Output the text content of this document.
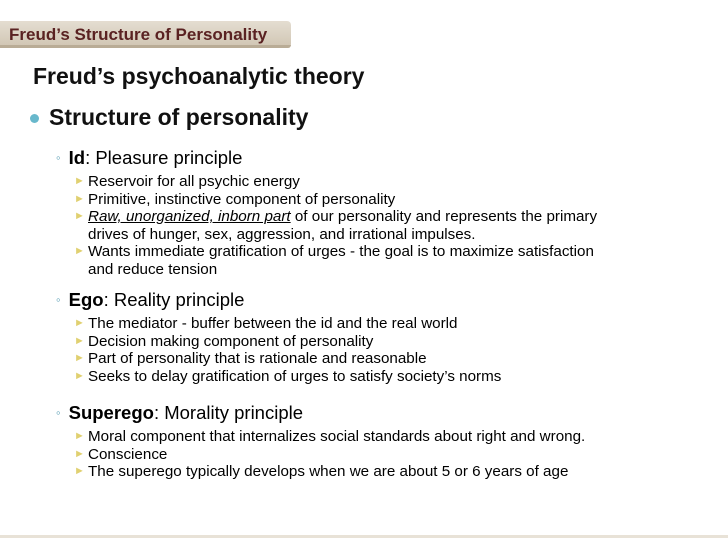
Freud’s Structure of Personality
Freud’s psychoanalytic theory
Structure of personality
◦ Id: Pleasure principle
► Reservoir for all psychic energy
► Primitive, instinctive component of personality
► Raw, unorganized, inborn part of our personality and represents the primary
drives of hunger, sex, aggression, and irrational impulses.
► Wants immediate gratification of urges - the goal is to maximize satisfaction
and reduce tension
◦ Ego: Reality principle
► The mediator - buffer between the id and the real world
► Decision making component of personality
► Part of personality that is rationale and reasonable
► Seeks to delay gratification of urges to satisfy society’s norms
◦ Superego: Morality principle
► Moral component that internalizes social standards about right and wrong.
► Conscience
► The superego typically develops when we are about 5 or 6 years of age
